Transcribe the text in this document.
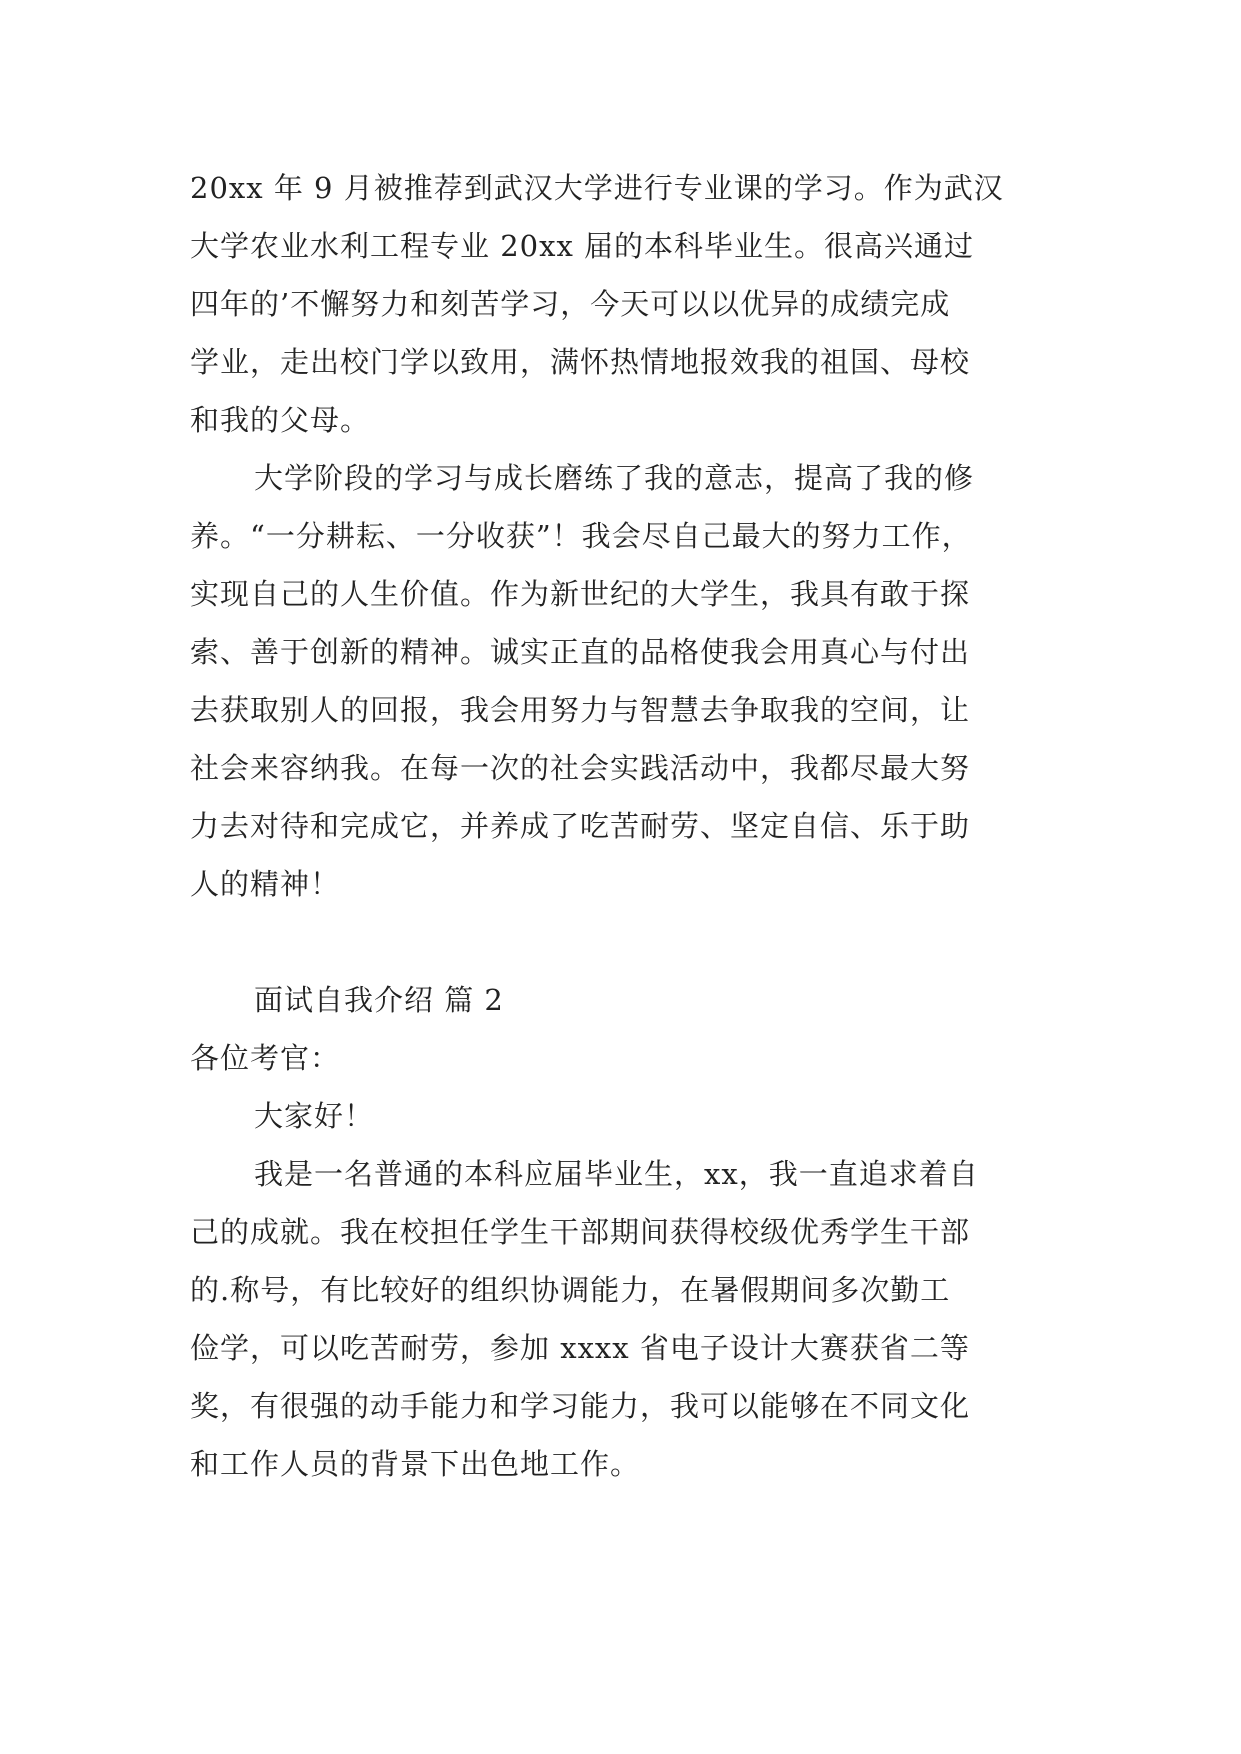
20xx 年 9 月被推荐到武汉大学进行专业课的学习。作为武汉
大学农业水利工程专业 20xx 届的本科毕业生。很高兴通过
四年的’不懈努力和刻苦学习，今天可以以优异的成绩完成
学业，走出校门学以致用，满怀热情地报效我的祖国、母校
和我的父母。
大学阶段的学习与成长磨练了我的意志，提高了我的修
养。“一分耕耘、一分收获”！我会尽自己最大的努力工作，
实现自己的人生价值。作为新世纪的大学生，我具有敢于探
索、善于创新的精神。诚实正直的品格使我会用真心与付出
去获取别人的回报，我会用努力与智慧去争取我的空间，让
社会来容纳我。在每一次的社会实践活动中，我都尽最大努
力去对待和完成它，并养成了吃苦耐劳、坚定自信、乐于助
人的精神！
面试自我介绍 篇 2
各位考官：
大家好！
我是一名普通的本科应届毕业生，xx，我一直追求着自
己的成就。我在校担任学生干部期间获得校级优秀学生干部
的.称号，有比较好的组织协调能力，在暑假期间多次勤工
俭学，可以吃苦耐劳，参加 xxxx 省电子设计大赛获省二等
奖，有很强的动手能力和学习能力，我可以能够在不同文化
和工作人员的背景下出色地工作。
